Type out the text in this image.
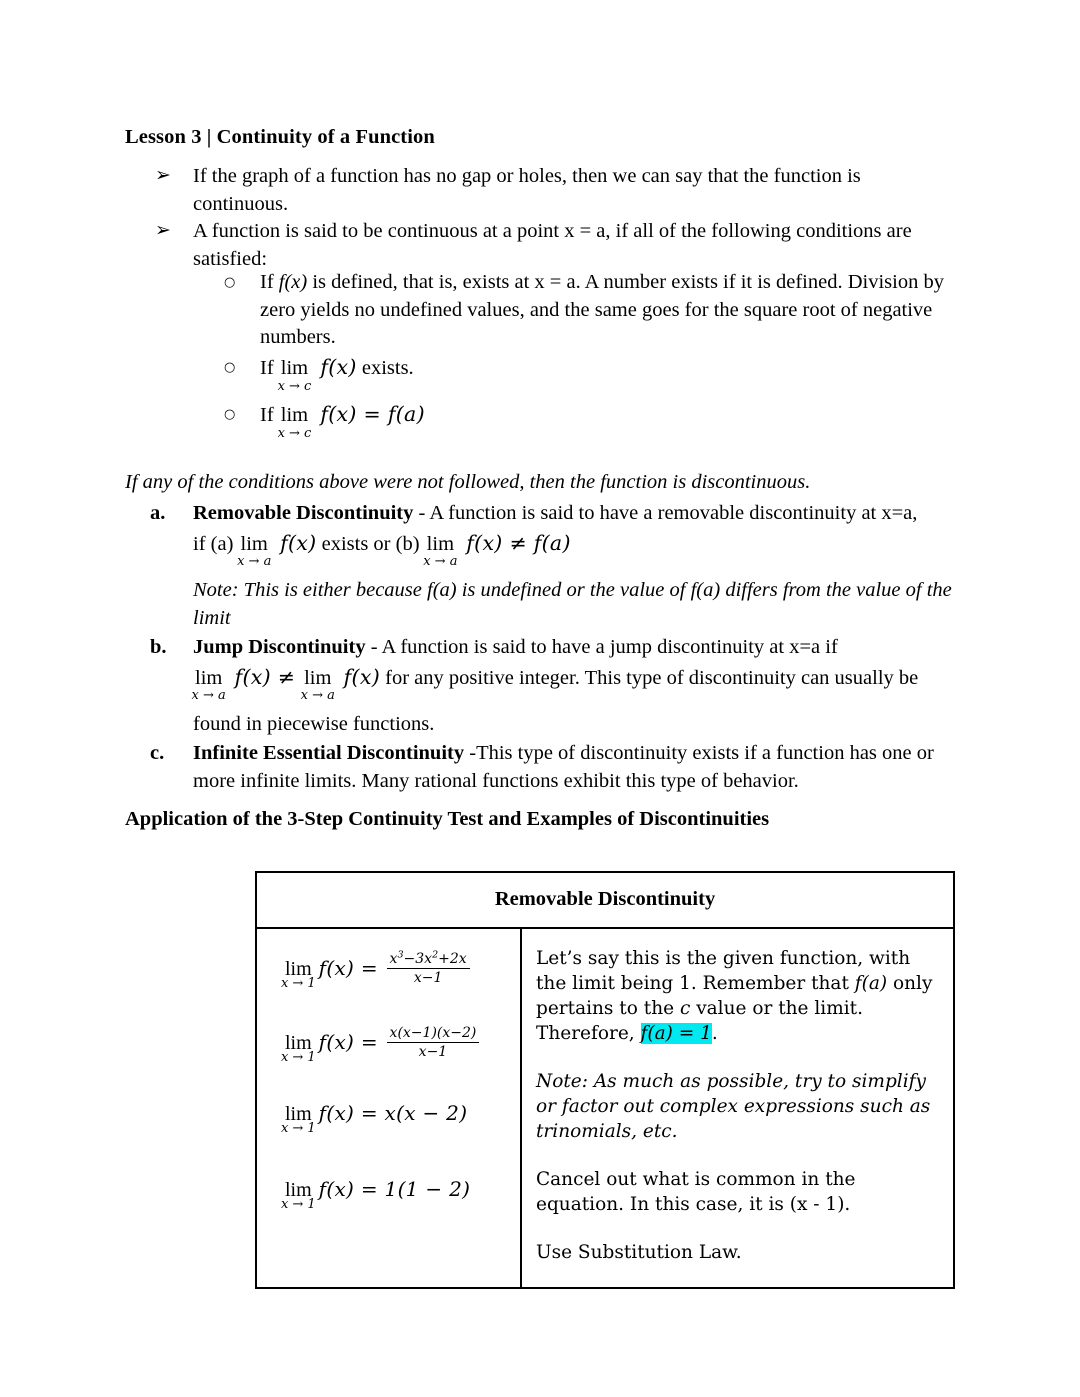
Lesson 3 | Continuity of a Function
➢ If the graph of a function has no gap or holes, then we can say that the function is continuous.
➢ A function is said to be continuous at a point x = a, if all of the following conditions are satisfied:
○ If f(x) is defined, that is, exists at x = a. A number exists if it is defined. Division by zero yields no undefined values, and the same goes for the square root of negative numbers.
○ If lim
x → c
f(x) exists.
○ If lim
x → c
f(x) = f(a)
If any of the conditions above were not followed, then the function is discontinuous.
a. Removable Discontinuity - A function is said to have a removable discontinuity at x=a,
if (a) lim
x → a
f(x) exists or (b) lim
x → a
f(x) ≠ f(a)
Note: This is either because f(a) is undefined or the value of f(a) differs from the value of the limit
b. Jump Discontinuity - A function is said to have a jump discontinuity at x=a if
lim
x → a
f(x) ≠ lim
x → a
f(x) for any positive integer. This type of discontinuity can usually be
found in piecewise functions.
c. Infinite Essential Discontinuity -This type of discontinuity exists if a function has one or more infinite limits. Many rational functions exhibit this type of behavior.
Application of the 3-Step Continuity Test and Examples of Discontinuities
Removable Discontinuity
lim
x → 1
$f(x) = \frac{x^3-3x^2+2x}{x-1}$
lim
x → 1
$f(x) = \frac{x(x-1)(x-2)}{x-1}$
lim
x → 1
f(x) = x(x − 2)
lim
x → 1
f(x) = 1(1 − 2)
Let’s say this is the given function, with the limit being 1. Remember that f(a) only pertains to the c value or the limit. Therefore, f(a) = 1.
Note: As much as possible, try to simplify or factor out complex expressions such as trinomials, etc.
Cancel out what is common in the equation. In this case, it is (x - 1).
Use Substitution Law.
